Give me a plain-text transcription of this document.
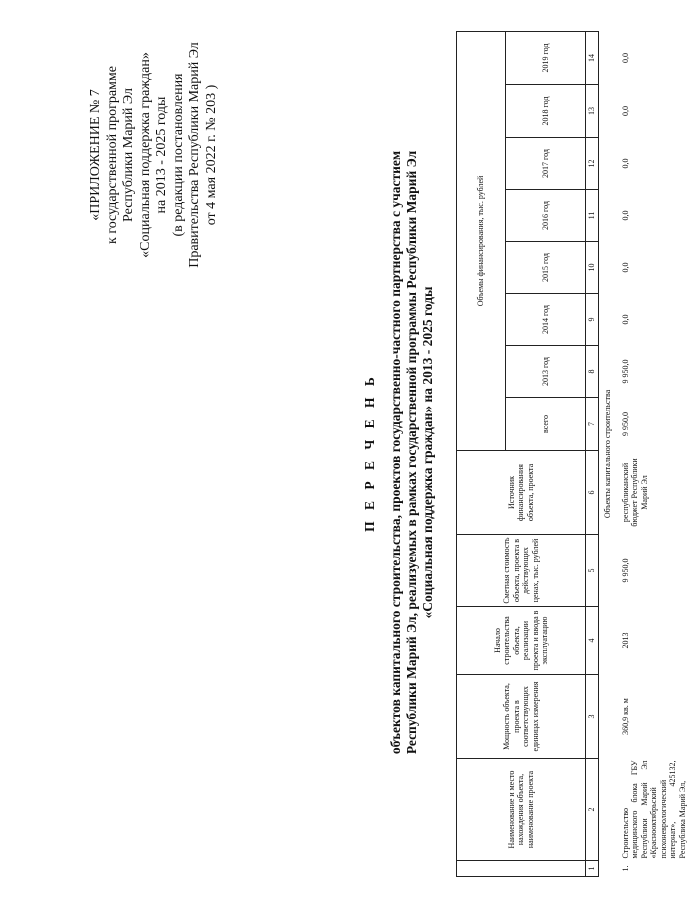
«ПРИЛОЖЕНИЕ № 7 к государственной программе Республики Марий Эл «Социальная поддержка граждан» на 2013 - 2025 годы (в редакции постановления Правительства Республики Марий Эл от 4 мая 2022 г. № 203 )
П Е Р Е Ч Е Н Ь объектов капитального строительства, проектов государственно-частного партнерства с участием Республики Марий Эл, реализуемых в рамках государственной программы Республики Марий Эл «Социальная поддержка граждан» на 2013 - 2025 годы
	Наименование и место нахождения объекта, наименование проекта	Мощность объекта, проекта в соответствующих единицах измерения	Начало строительства объекта, реализации проекта и ввода в эксплуатацию	Сметная стоимость объекта, проекта в действующих ценах, тыс. рублей	Источник финансирования объекта, проекта	Объемы финансирования, тыс. рублей							
						всего	2013 год	2014 год	2015 год	2016 год	2017 год	2018 год	2019 год
1	2	3	4	5	6	7	8	9	10	11	12	13	14
Объекты капитального строительства													
1.	Строительство медицинского блока ГБУ Республики Марий Эл «Краснооктябрьский психоневрологический интернат», 425132, Республика Марий Эл,	360,9 кв. м	2013	9 950,0	республиканский бюджет Республики Марий Эл	9 950,0	9 950,0	0,0	0,0	0,0	0,0	0,0	0,0
